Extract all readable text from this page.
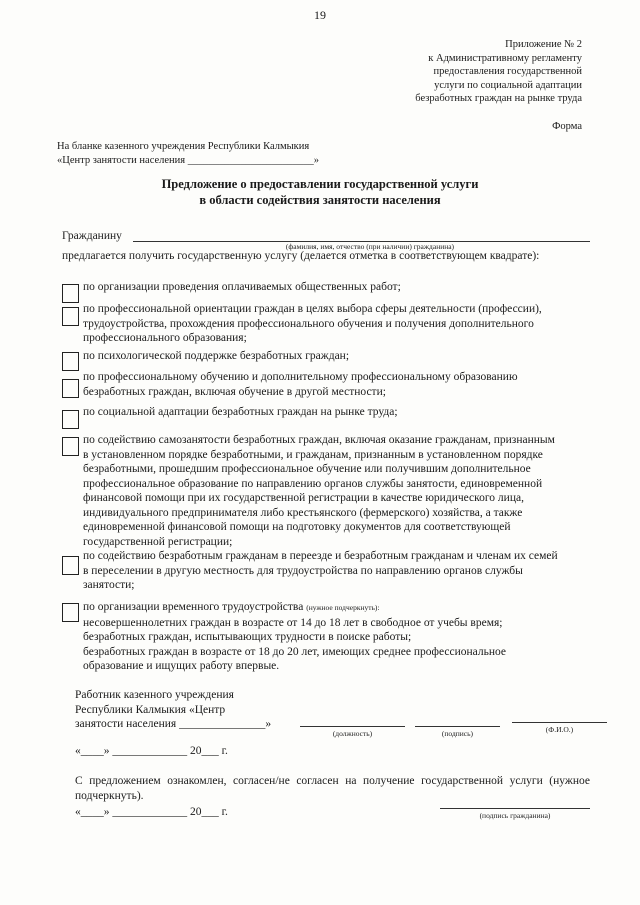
19
Приложение № 2
к Административному регламенту
предоставления государственной
услуги по социальной адаптации
безработных граждан на рынке труда
Форма
На бланке казенного учреждения Республики Калмыкия
«Центр занятости населения ________________________»
Предложение о предоставлении государственной услуги
в области содействия занятости населения
Гражданину
(фамилия, имя, отчество (при наличии) гражданина)
предлагается получить государственную услугу (делается отметка в соответствующем квадрате):
по организации проведения оплачиваемых общественных работ;
по профессиональной ориентации граждан в целях выбора сферы деятельности (профессии),
трудоустройства, прохождения профессионального обучения и получения дополнительного
профессионального образования;
по психологической поддержке безработных граждан;
по профессиональному обучению и дополнительному профессиональному образованию
безработных граждан, включая обучение в другой местности;
по социальной адаптации безработных граждан на рынке труда;
по содействию самозанятости безработных граждан, включая оказание гражданам, признанным
в установленном порядке безработными, и гражданам, признанным в установленном порядке
безработными, прошедшим профессиональное обучение или получившим дополнительное
профессиональное образование по направлению органов службы занятости, единовременной
финансовой помощи при их государственной регистрации в качестве юридического лица,
индивидуального предпринимателя либо крестьянского (фермерского) хозяйства, а также
единовременной финансовой помощи на подготовку документов для соответствующей
государственной регистрации;
по содействию безработным гражданам в переезде и безработным гражданам и членам их семей
в переселении в другую местность для трудоустройства по направлению органов службы
занятости;
по организации временного трудоустройства (нужное подчеркнуть):
несовершеннолетних граждан в возрасте от 14 до 18 лет в свободное от учебы время;
безработных граждан, испытывающих трудности в поиске работы;
безработных граждан в возрасте от 18 до 20 лет, имеющих среднее профессиональное
образование и ищущих работу впервые.
Работник казенного учреждения
Республики Калмыкия «Центр
занятости населения _______________»
(должность)	(подпись)	(Ф.И.О.)
«____» _____________ 20___ г.
С предложением ознакомлен, согласен/не согласен на получение государственной услуги (нужное подчеркнуть).
«____» _____________ 20___ г.	(подпись гражданина)
